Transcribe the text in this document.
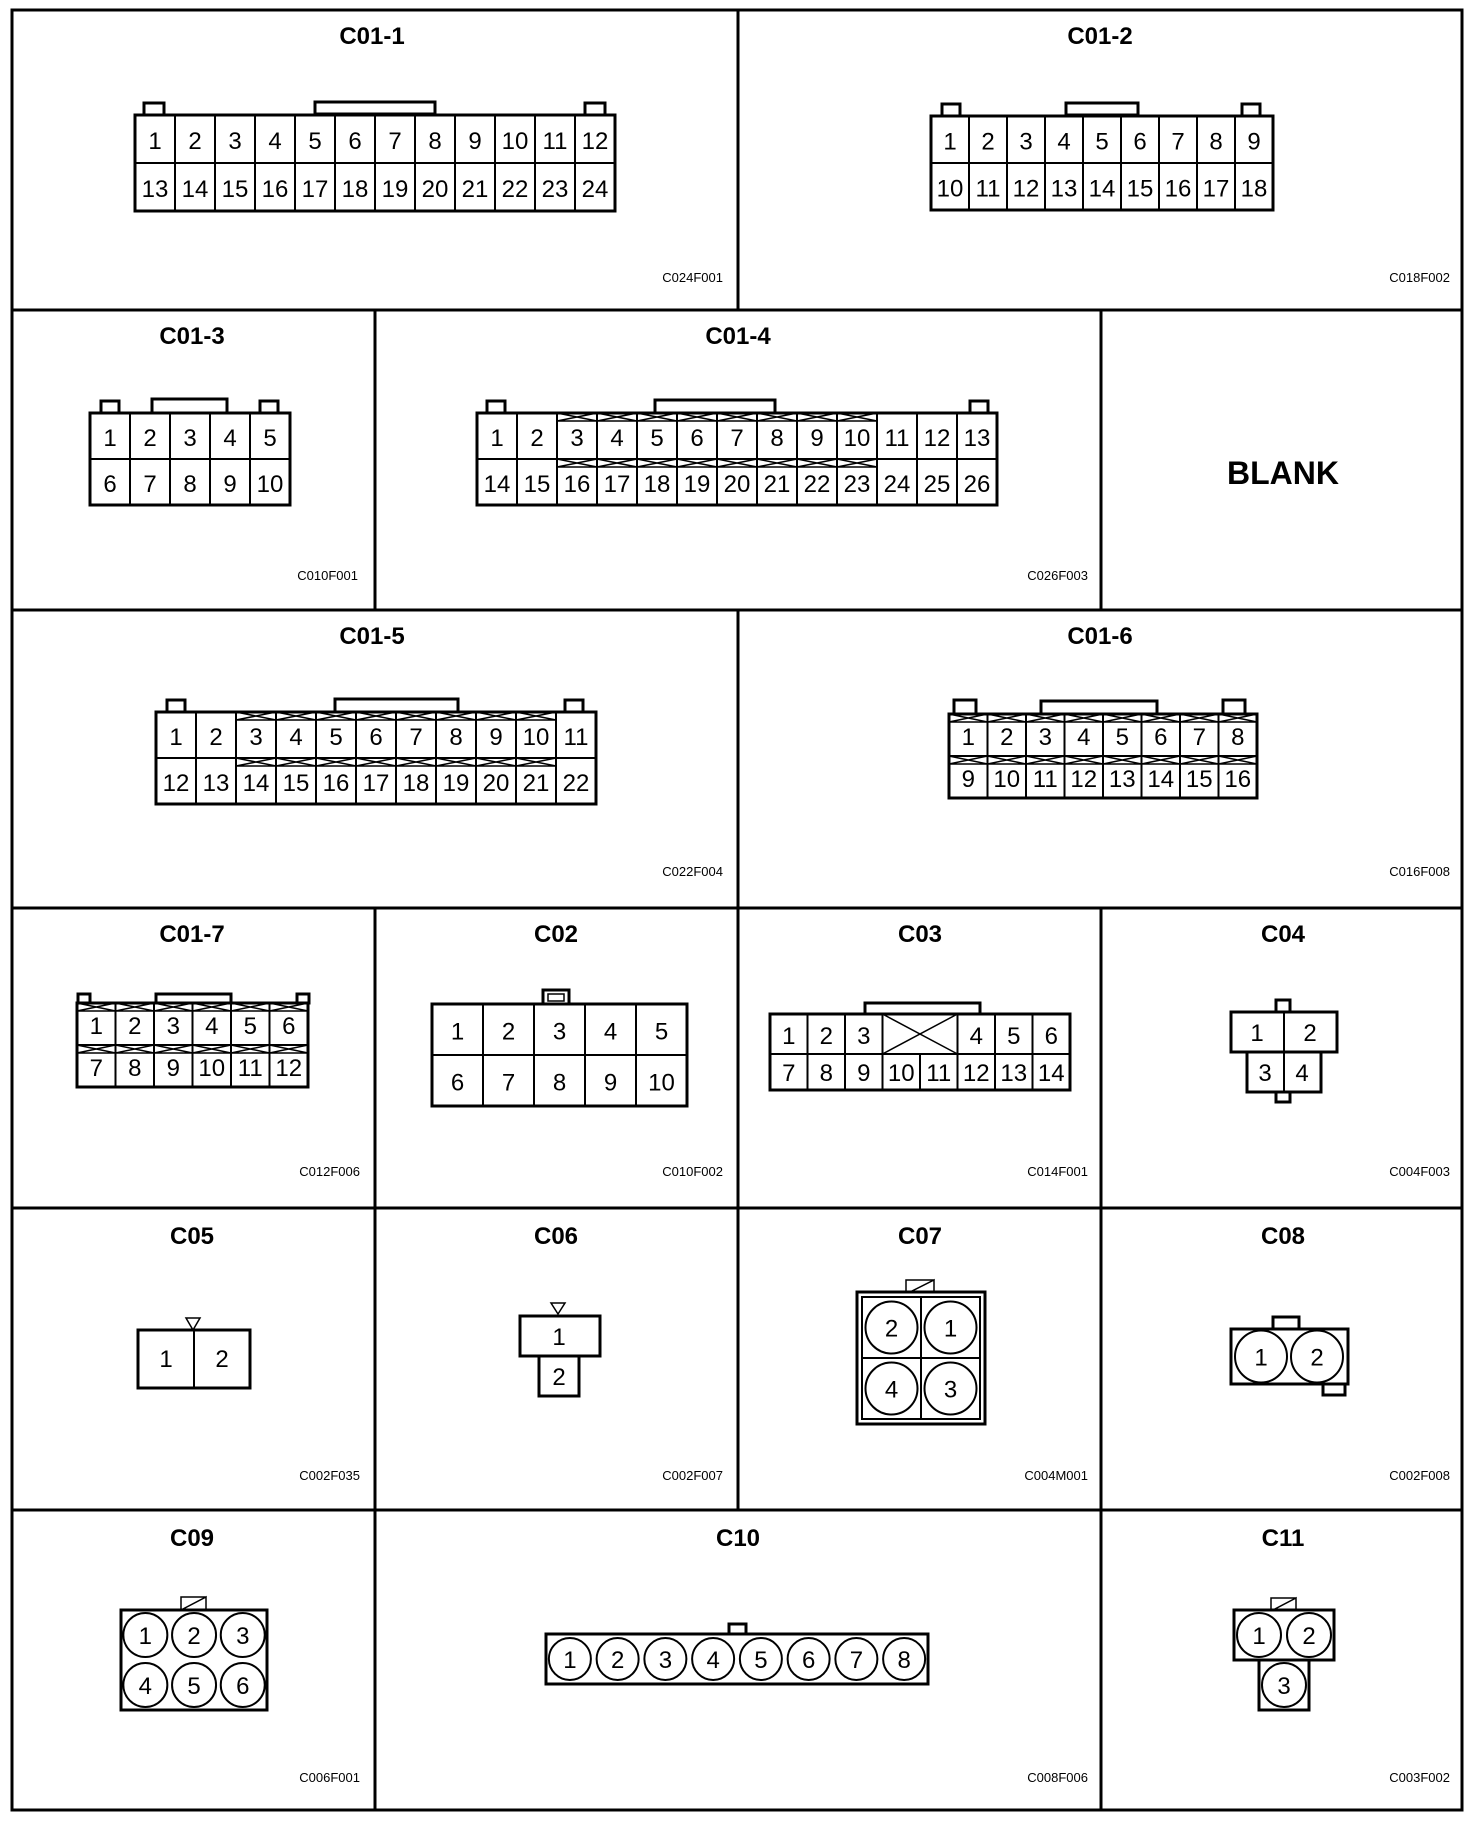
C01-1
1 2 3 4 5 6 7 8 9 10 11 12
13 14 15 16 17 18 19 20 21 22 23 24
C024F001
C01-2
1 2 3 4 5 6 7 8 9
10 11 12 13 14 15 16 17 18
C018F002
C01-3
1 2 3 4 5
6 7 8 9 10
C010F001
C01-4
1 2 3 4 5 6 7 8 9 10 11 12 13
14 15 16 17 18 19 20 21 22 23 24 25 26
C026F003
BLANK
C01-5
1 2 3 4 5 6 7 8 9 10 11
12 13 14 15 16 17 18 19 20 21 22
C022F004
C01-6
1 2 3 4 5 6 7 8
9 10 11 12 13 14 15 16
C016F008
C01-7
1 2 3 4 5 6
7 8 9 10 11 12
C012F006
C02
1 2 3 4 5
6 7 8 9 10
C010F002
C03
1 2 3	4 5 6
7 8 9 10 11 12 13 14
C014F001
C04
1 2
3 4
C004F003
C05
1 2
C002F035
C06
1
2
C002F007
C07
2 1
4 3
C004M001
C08
1 2
C002F008
C09
1 2 3
4 5 6
C006F001
C10
1 2 3 4 5 6 7 8
C008F006
C11
1 2
3
C003F002
